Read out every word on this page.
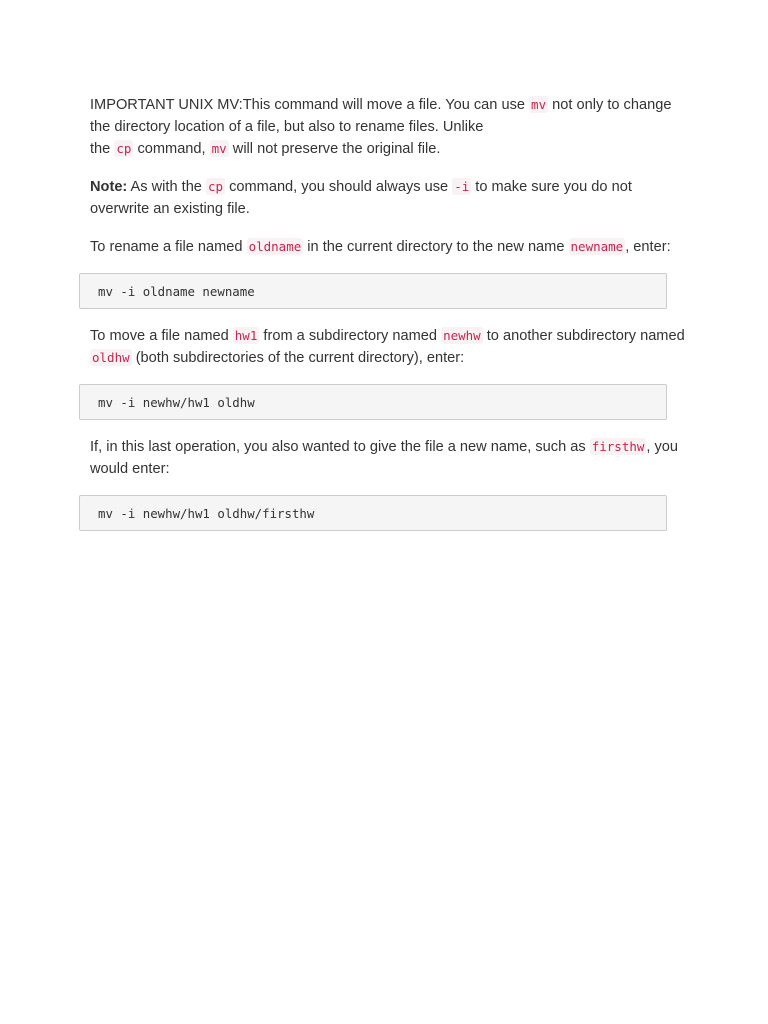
IMPORTANT UNIX MV:This command will move a file. You can use mv not only to change the directory location of a file, but also to rename files. Unlike
the cp command, mv will not preserve the original file.

Note: As with the cp command, you should always use -i to make sure you do not overwrite an existing file.

To rename a file named oldname in the current directory to the new name newname , enter:

mv -i oldname newname

To move a file named hw1 from a subdirectory named newhw to another subdirectory named oldhw (both subdirectories of the current directory), enter:

mv -i newhw/hw1 oldhw

If, in this last operation, you also wanted to give the file a new name, such as firsthw , you would enter:

mv -i newhw/hw1 oldhw/firsthw
